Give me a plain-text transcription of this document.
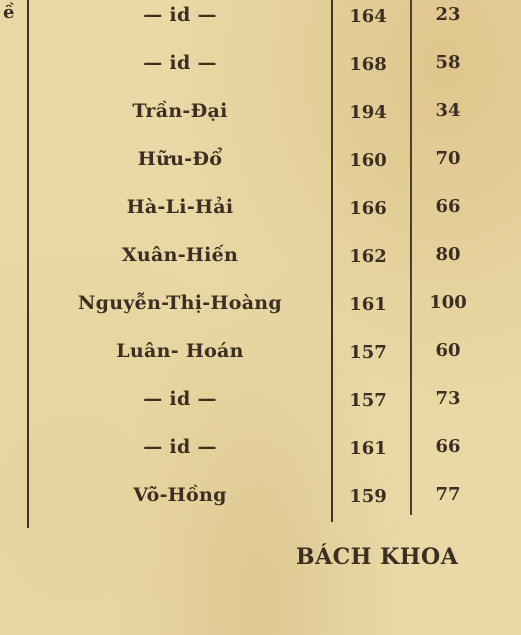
ề	— id —	164	23
— id —	168	58
Trần-Đại	194	34
Hữu-Đổ	160	70
Hà-Li-Hải	166	66
Xuân-Hiến	162	80
Nguyễn-Thị-Hoàng	161	100
Luân- Hoán	157	60
— id —	157	73
— id —	161	66
Võ-Hồng	159	77
BÁCH KHOA
